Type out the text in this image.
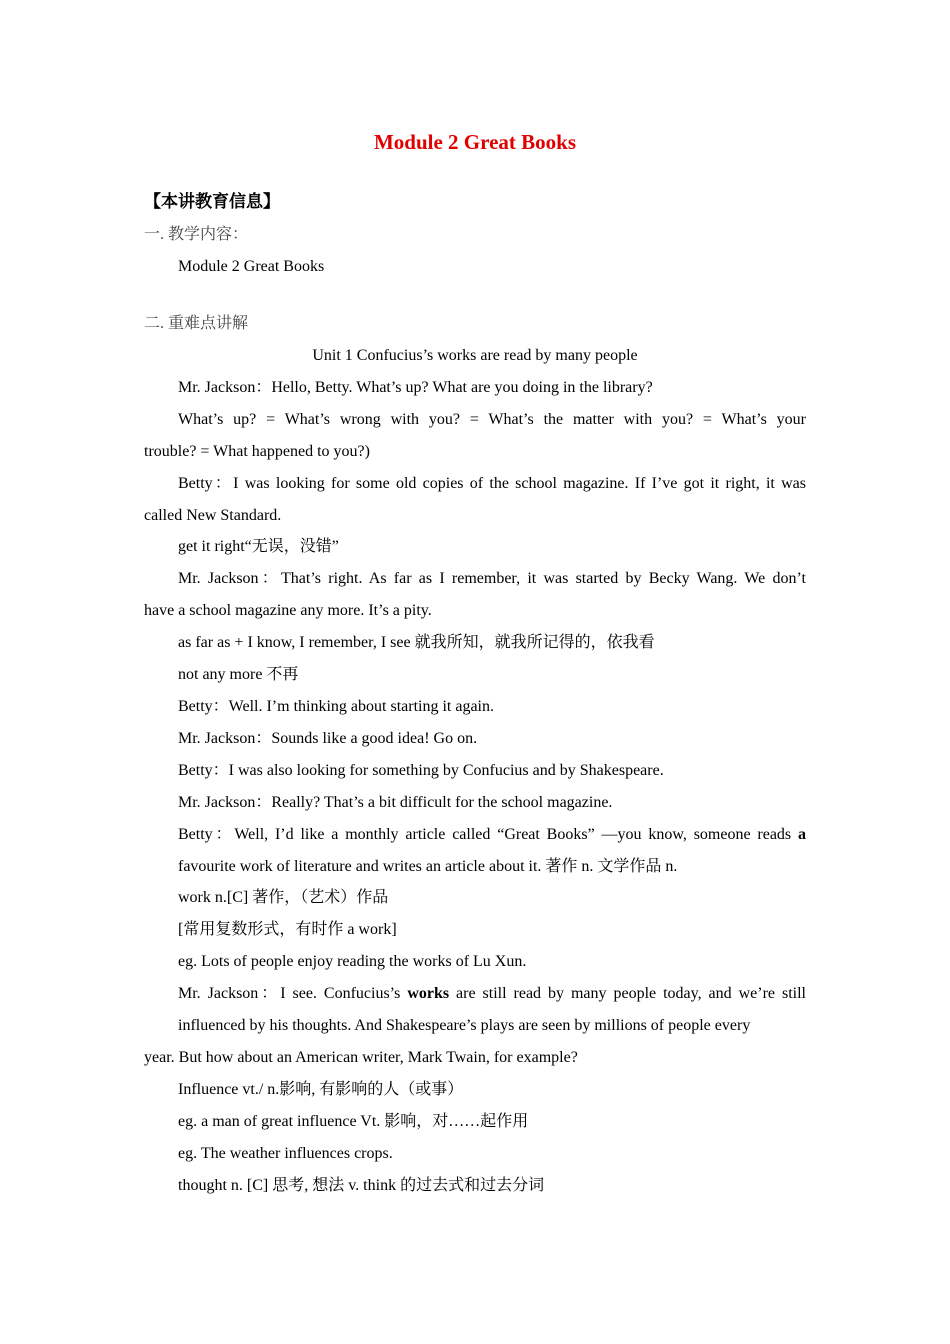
Module 2 Great Books
【本讲教育信息】
一. 教学内容：
Module 2 Great Books
二. 重难点讲解
Unit 1 Confucius’s works are read by many people
Mr. Jackson：Hello, Betty. What’s up? What are you doing in the library?
What’s up? = What’s wrong with you? = What’s the matter with you? = What’s your
trouble? = What happened to you?)
Betty：I was looking for some old copies of the school magazine. If I’ve got it right, it was
called New Standard.
get it right“无误，没错”
Mr. Jackson：That’s right. As far as I remember, it was started by Becky Wang. We don’t
have a school magazine any more. It’s a pity.
as far as + I know, I remember, I see 就我所知，就我所记得的，依我看
not any more 不再
Betty：Well. I’m thinking about starting it again.
Mr. Jackson：Sounds like a good idea! Go on.
Betty：I was also looking for something by Confucius and by Shakespeare.
Mr. Jackson：Really? That’s a bit difficult for the school magazine.
Betty：Well, I’d like a monthly article called “Great Books” —you know, someone reads a
favourite work of literature and writes an article about it. 著作 n. 文学作品 n.
work n.[C] 著作，（艺术）作品
[常用复数形式，有时作 a work]
eg. Lots of people enjoy reading the works of Lu Xun.
Mr. Jackson：I see. Confucius’s works are still read by many people today, and we’re still
influenced by his thoughts. And Shakespeare’s plays are seen by millions of people every
year. But how about an American writer, Mark Twain, for example?
Influence vt./ n.影响, 有影响的人（或事）
eg. a man of great influence Vt. 影响，对……起作用
eg. The weather influences crops.
thought n. [C] 思考, 想法 v. think 的过去式和过去分词
